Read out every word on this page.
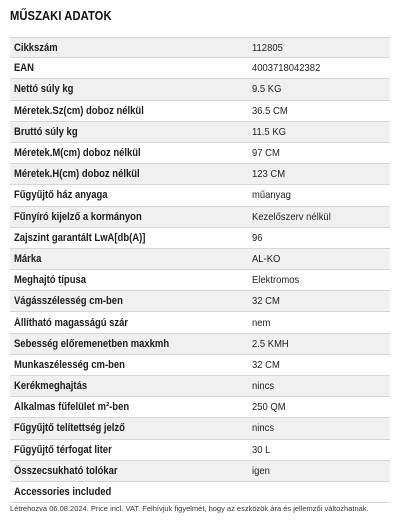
MŰSZAKI ADATOK
Cikkszám	112805
EAN	4003718042382
Nettó súly kg	9.5 KG
Méretek.Sz(cm) doboz nélkül	36.5 CM
Bruttó súly kg	11.5 KG
Méretek.M(cm) doboz nélkül	97 CM
Méretek.H(cm) doboz nélkül	123 CM
Fűgyűjtő ház anyaga	műanyag
Fűnyíró kijelző a kormányon	Kezelőszerv nélkül
Zajszint garantált LwA[db(A)]	96
Márka	AL-KO
Meghajtó típusa	Elektromos
Vágásszélesség cm-ben	32 CM
Állítható magasságú szár	nem
Sebesség előremenetben maxkmh	2.5 KMH
Munkaszélesség cm-ben	32 CM
Kerékmeghajtás	nincs
Alkalmas fűfelület m²-ben	250 QM
Fűgyűjtő telítettség jelző	nincs
Fűgyűjtő térfogat liter	30 L
Összecsukható tolókar	igen
Accessories included
Létrehozva 06.08.2024. Price incl. VAT. Felhívjuk figyelmét, hogy az eszközök ára és jellemzői változhatnak.
